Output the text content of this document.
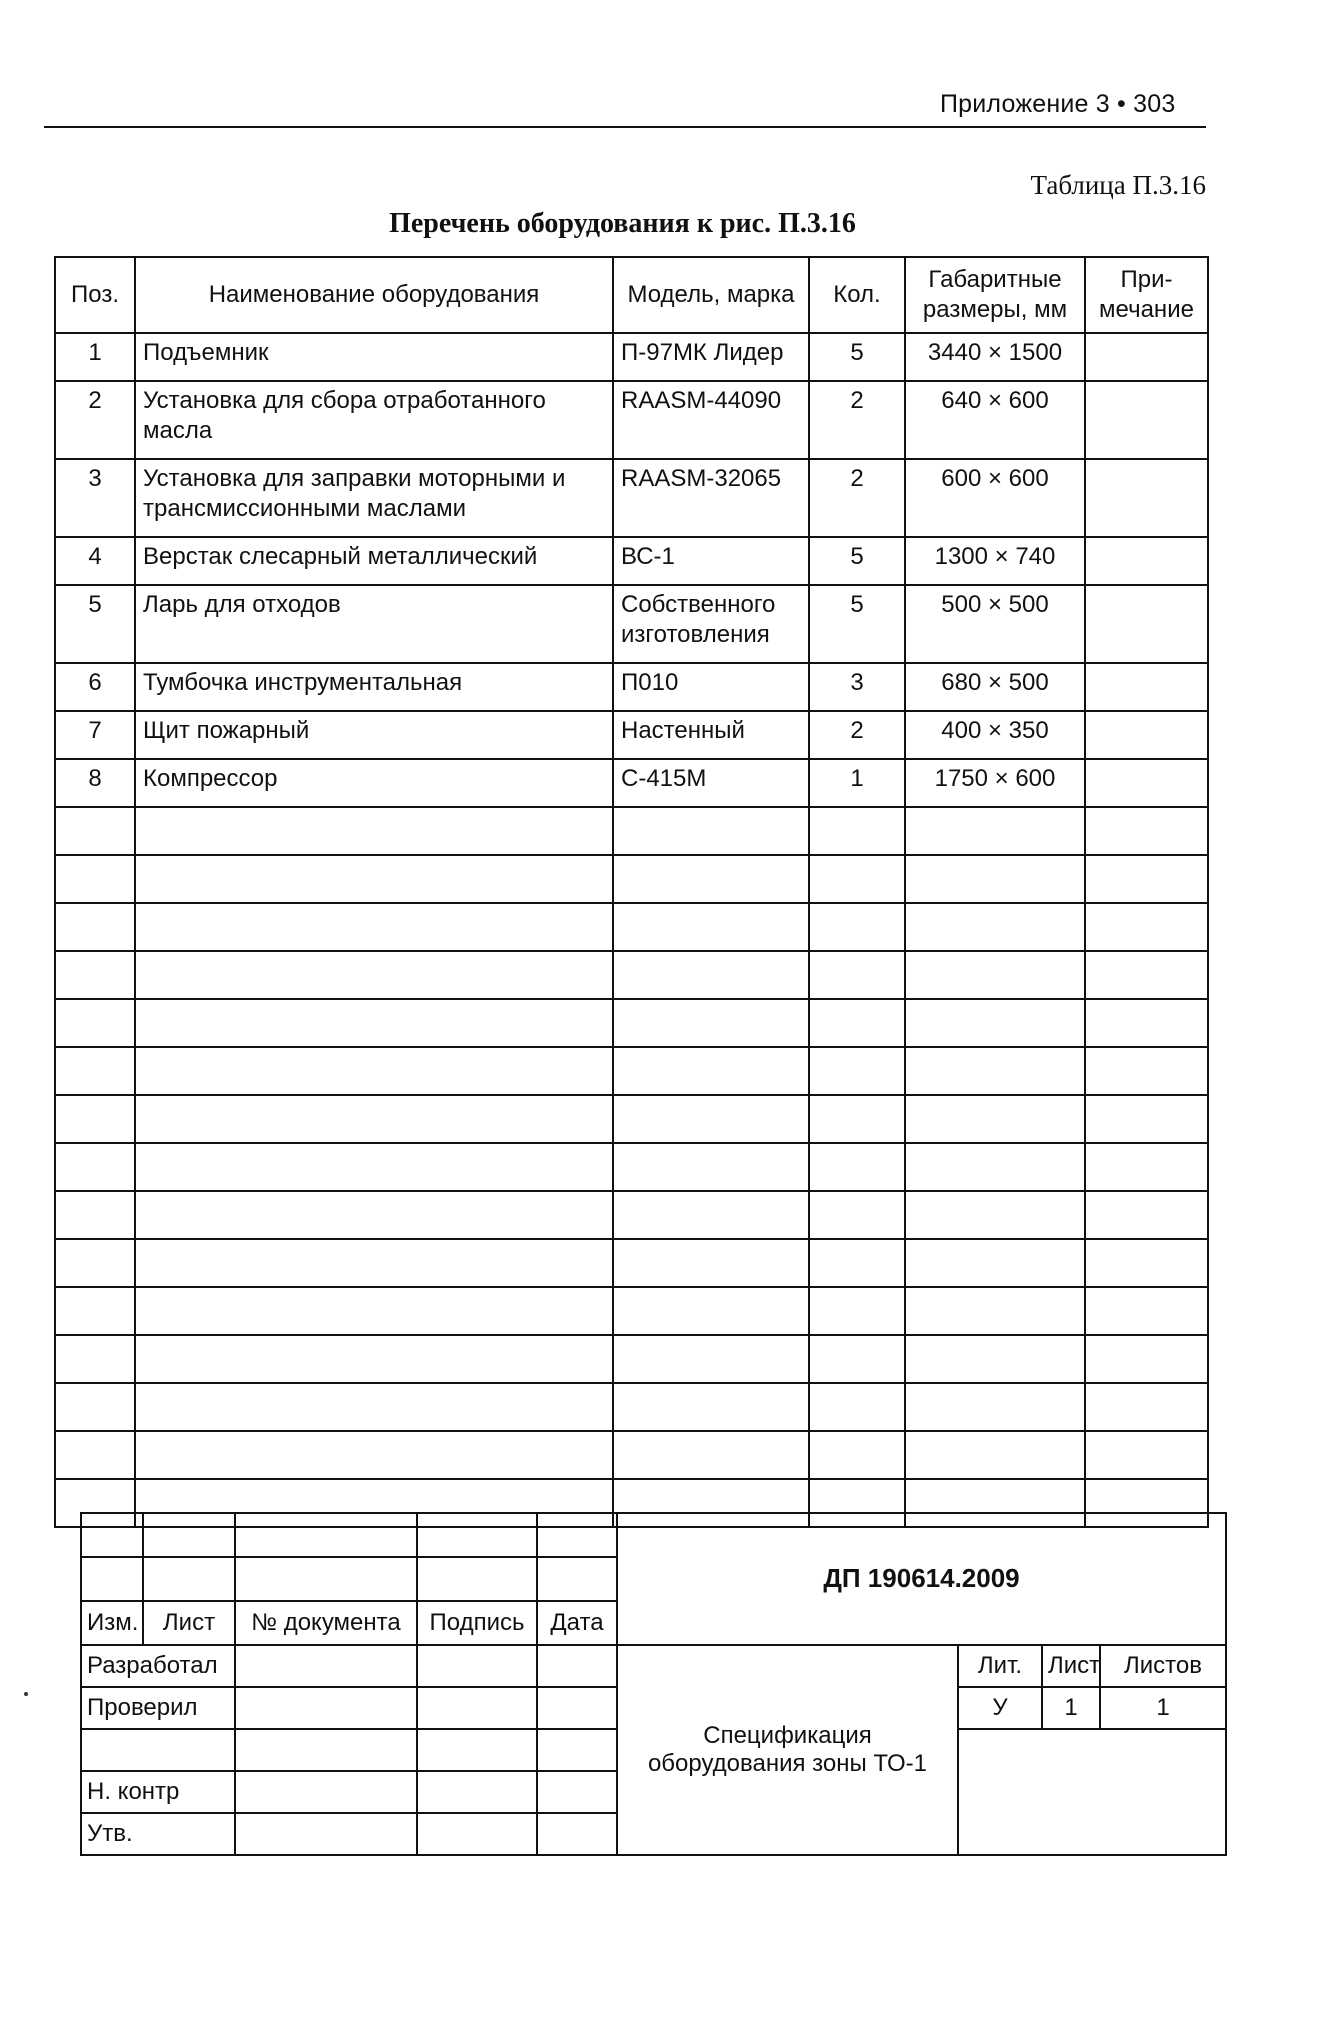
Приложение 3 • 303
Таблица П.3.16
Перечень оборудования к рис. П.3.16
Поз.	Наименование оборудования	Модель, марка	Кол.	Габаритные размеры, мм	При- мечание
1	Подъемник	П-97МК Лидер	5	3440 × 1500	
2	Установка для сбора отработанного масла	RAASM-44090	2	640 × 600	
3	Установка для заправки моторными и трансмиссионными маслами	RAASM-32065	2	600 × 600	
4	Верстак слесарный металлический	ВС-1	5	1300 × 740	
5	Ларь для отходов	Собственного изготовления	5	500 × 500	
6	Тумбочка инструментальная	П010	3	680 × 500	
7	Щит пожарный	Настенный	2	400 × 350	
8	Компрессор	С-415М	1	1750 × 600	

					ДП 190614.2009			

Изм.	Лист	№ документа	Подпись	Дата				
Разработал					Спецификация оборудования зоны ТО-1	Лит.	Лист	Листов
Проверил						У	1	1

Н. контр								
Утв.								
